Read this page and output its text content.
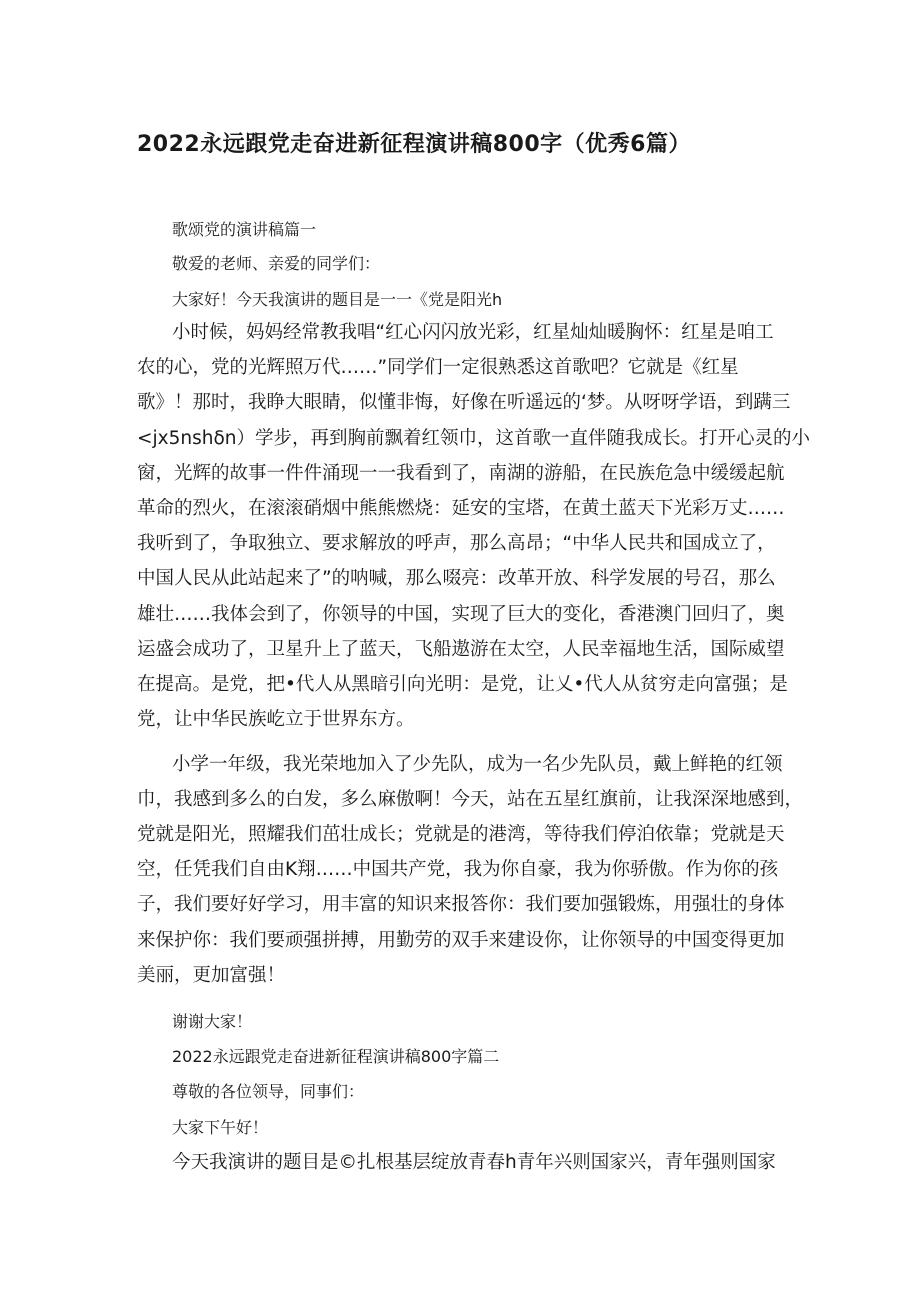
2022永远跟党走奋进新征程演讲稿800字（优秀6篇）
歌颂党的演讲稿篇一
敬爱的老师、亲爱的同学们：
大家好！今天我演讲的题目是一一《党是阳光h
小时候，妈妈经常教我唱“红心闪闪放光彩，红星灿灿暖胸怀：红星是咱工
农的心，党的光辉照万代……”同学们一定很熟悉这首歌吧？它就是《红星
歌》！那时，我睁大眼睛，似懂非悔，好像在听遥远的‘梦。从呀呀学语，到蹒三
<jx5nshδn）学步，再到胸前飘着红领巾，这首歌一直伴随我成长。打开心灵的小
窗，光辉的故事一件件涌现一一我看到了，南湖的游船，在民族危急中缓缓起航
革命的烈火，在滚滚硝烟中熊熊燃烧：延安的宝塔，在黄土蓝天下光彩万丈……
我听到了，争取独立、要求解放的呼声，那么高昂；“中华人民共和国成立了，
中国人民从此站起来了”的呐喊，那么啜亮：改革开放、科学发展的号召，那么
雄壮……我体会到了，你领导的中国，实现了巨大的变化，香港澳门回归了，奥
运盛会成功了，卫星升上了蓝天，飞船遨游在太空，人民幸福地生活，国际威望
在提高。是党，把•代人从黑暗引向光明：是党，让乂•代人从贫穷走向富强；是
党，让中华民族屹立于世界东方。
小学一年级，我光荣地加入了少先队，成为一名少先队员，戴上鲜艳的红领
巾，我感到多么的白发，多么麻傲啊！今天，站在五星红旗前，让我深深地感到，
党就是阳光，照耀我们茁壮成长；党就是的港湾，等待我们停泊依靠；党就是天
空，任凭我们自由K翔……中国共产党，我为你自豪，我为你骄傲。作为你的孩
子，我们要好好学习，用丰富的知识来报答你：我们要加强锻炼，用强壮的身体
来保护你：我们要顽强拼搏，用勤劳的双手来建设你，让你领导的中国变得更加
美丽，更加富强！
谢谢大家！
2022永远跟党走奋进新征程演讲稿800字篇二
尊敬的各位领导，同事们：
大家下午好！
今天我演讲的题目是©扎根基层绽放青春h青年兴则国家兴，青年强则国家
